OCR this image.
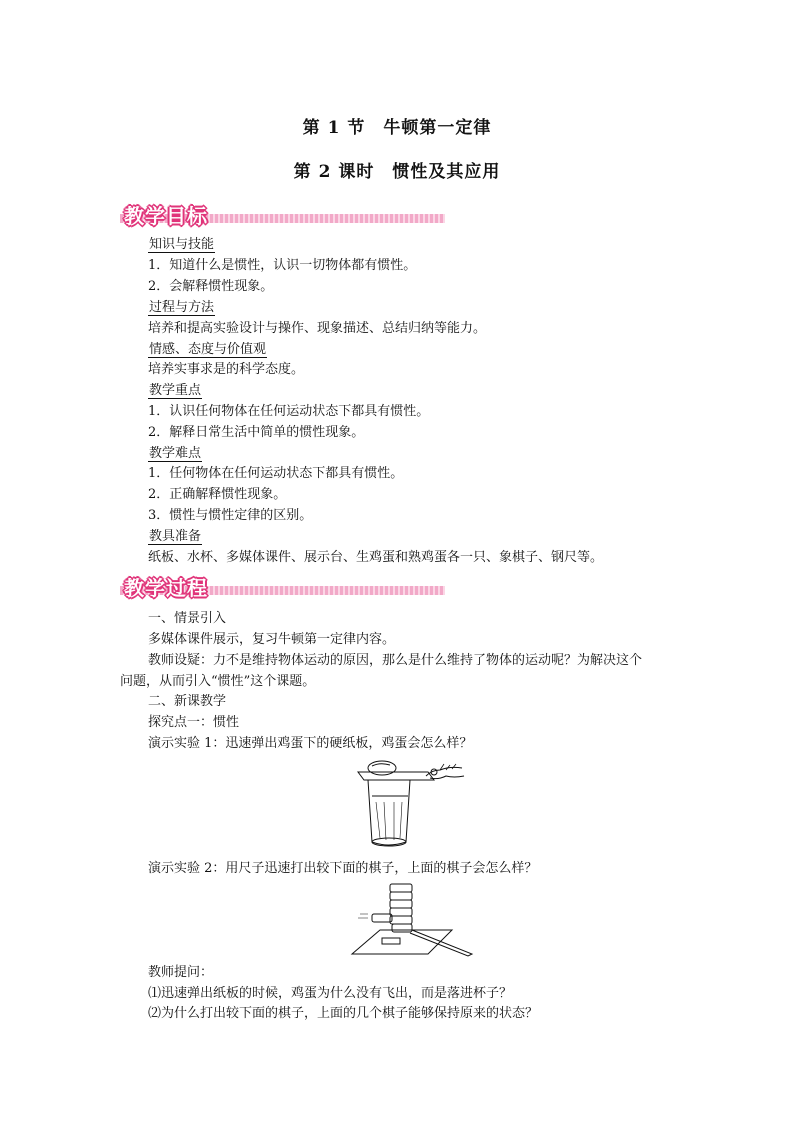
第 1 节　牛顿第一定律
第 2 课时　惯性及其应用
教学目标
知识与技能
1．知道什么是惯性，认识一切物体都有惯性。
2．会解释惯性现象。
过程与方法
培养和提高实验设计与操作、现象描述、总结归纳等能力。
情感、态度与价值观
培养实事求是的科学态度。
教学重点
1．认识任何物体在任何运动状态下都具有惯性。
2．解释日常生活中简单的惯性现象。
教学难点
1．任何物体在任何运动状态下都具有惯性。
2．正确解释惯性现象。
3．惯性与惯性定律的区别。
教具准备
纸板、水杯、多媒体课件、展示台、生鸡蛋和熟鸡蛋各一只、象棋子、钢尺等。
教学过程
一、情景引入
多媒体课件展示，复习牛顿第一定律内容。
教师设疑：力不是维持物体运动的原因，那么是什么维持了物体的运动呢？为解决这个
问题，从而引入“惯性”这个课题。
二、新课教学
探究点一：惯性
演示实验 1：迅速弹出鸡蛋下的硬纸板，鸡蛋会怎么样？
演示实验 2：用尺子迅速打出较下面的棋子，上面的棋子会怎么样？
教师提问：
⑴迅速弹出纸板的时候，鸡蛋为什么没有飞出，而是落进杯子？
⑵为什么打出较下面的棋子，上面的几个棋子能够保持原来的状态？
